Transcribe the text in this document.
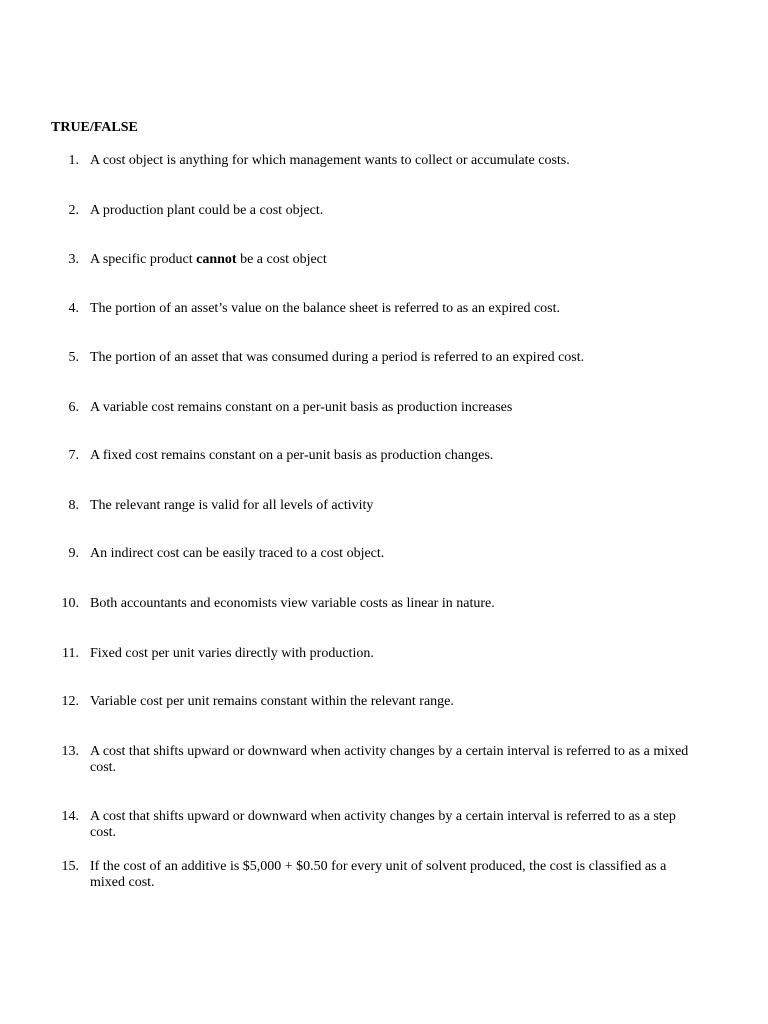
TRUE/FALSE
1. A cost object is anything for which management wants to collect or accumulate costs.
2. A production plant could be a cost object.
3. A specific product cannot be a cost object
4. The portion of an asset’s value on the balance sheet is referred to as an expired cost.
5. The portion of an asset that was consumed during a period is referred to an expired cost.
6. A variable cost remains constant on a per-unit basis as production increases
7. A fixed cost remains constant on a per-unit basis as production changes.
8. The relevant range is valid for all levels of activity
9. An indirect cost can be easily traced to a cost object.
10. Both accountants and economists view variable costs as linear in nature.
11. Fixed cost per unit varies directly with production.
12. Variable cost per unit remains constant within the relevant range.
13. A cost that shifts upward or downward when activity changes by a certain interval is referred to as a mixed cost.
14. A cost that shifts upward or downward when activity changes by a certain interval is referred to as a step cost.
15. If the cost of an additive is $5,000 + $0.50 for every unit of solvent produced, the cost is classified as a mixed cost.
